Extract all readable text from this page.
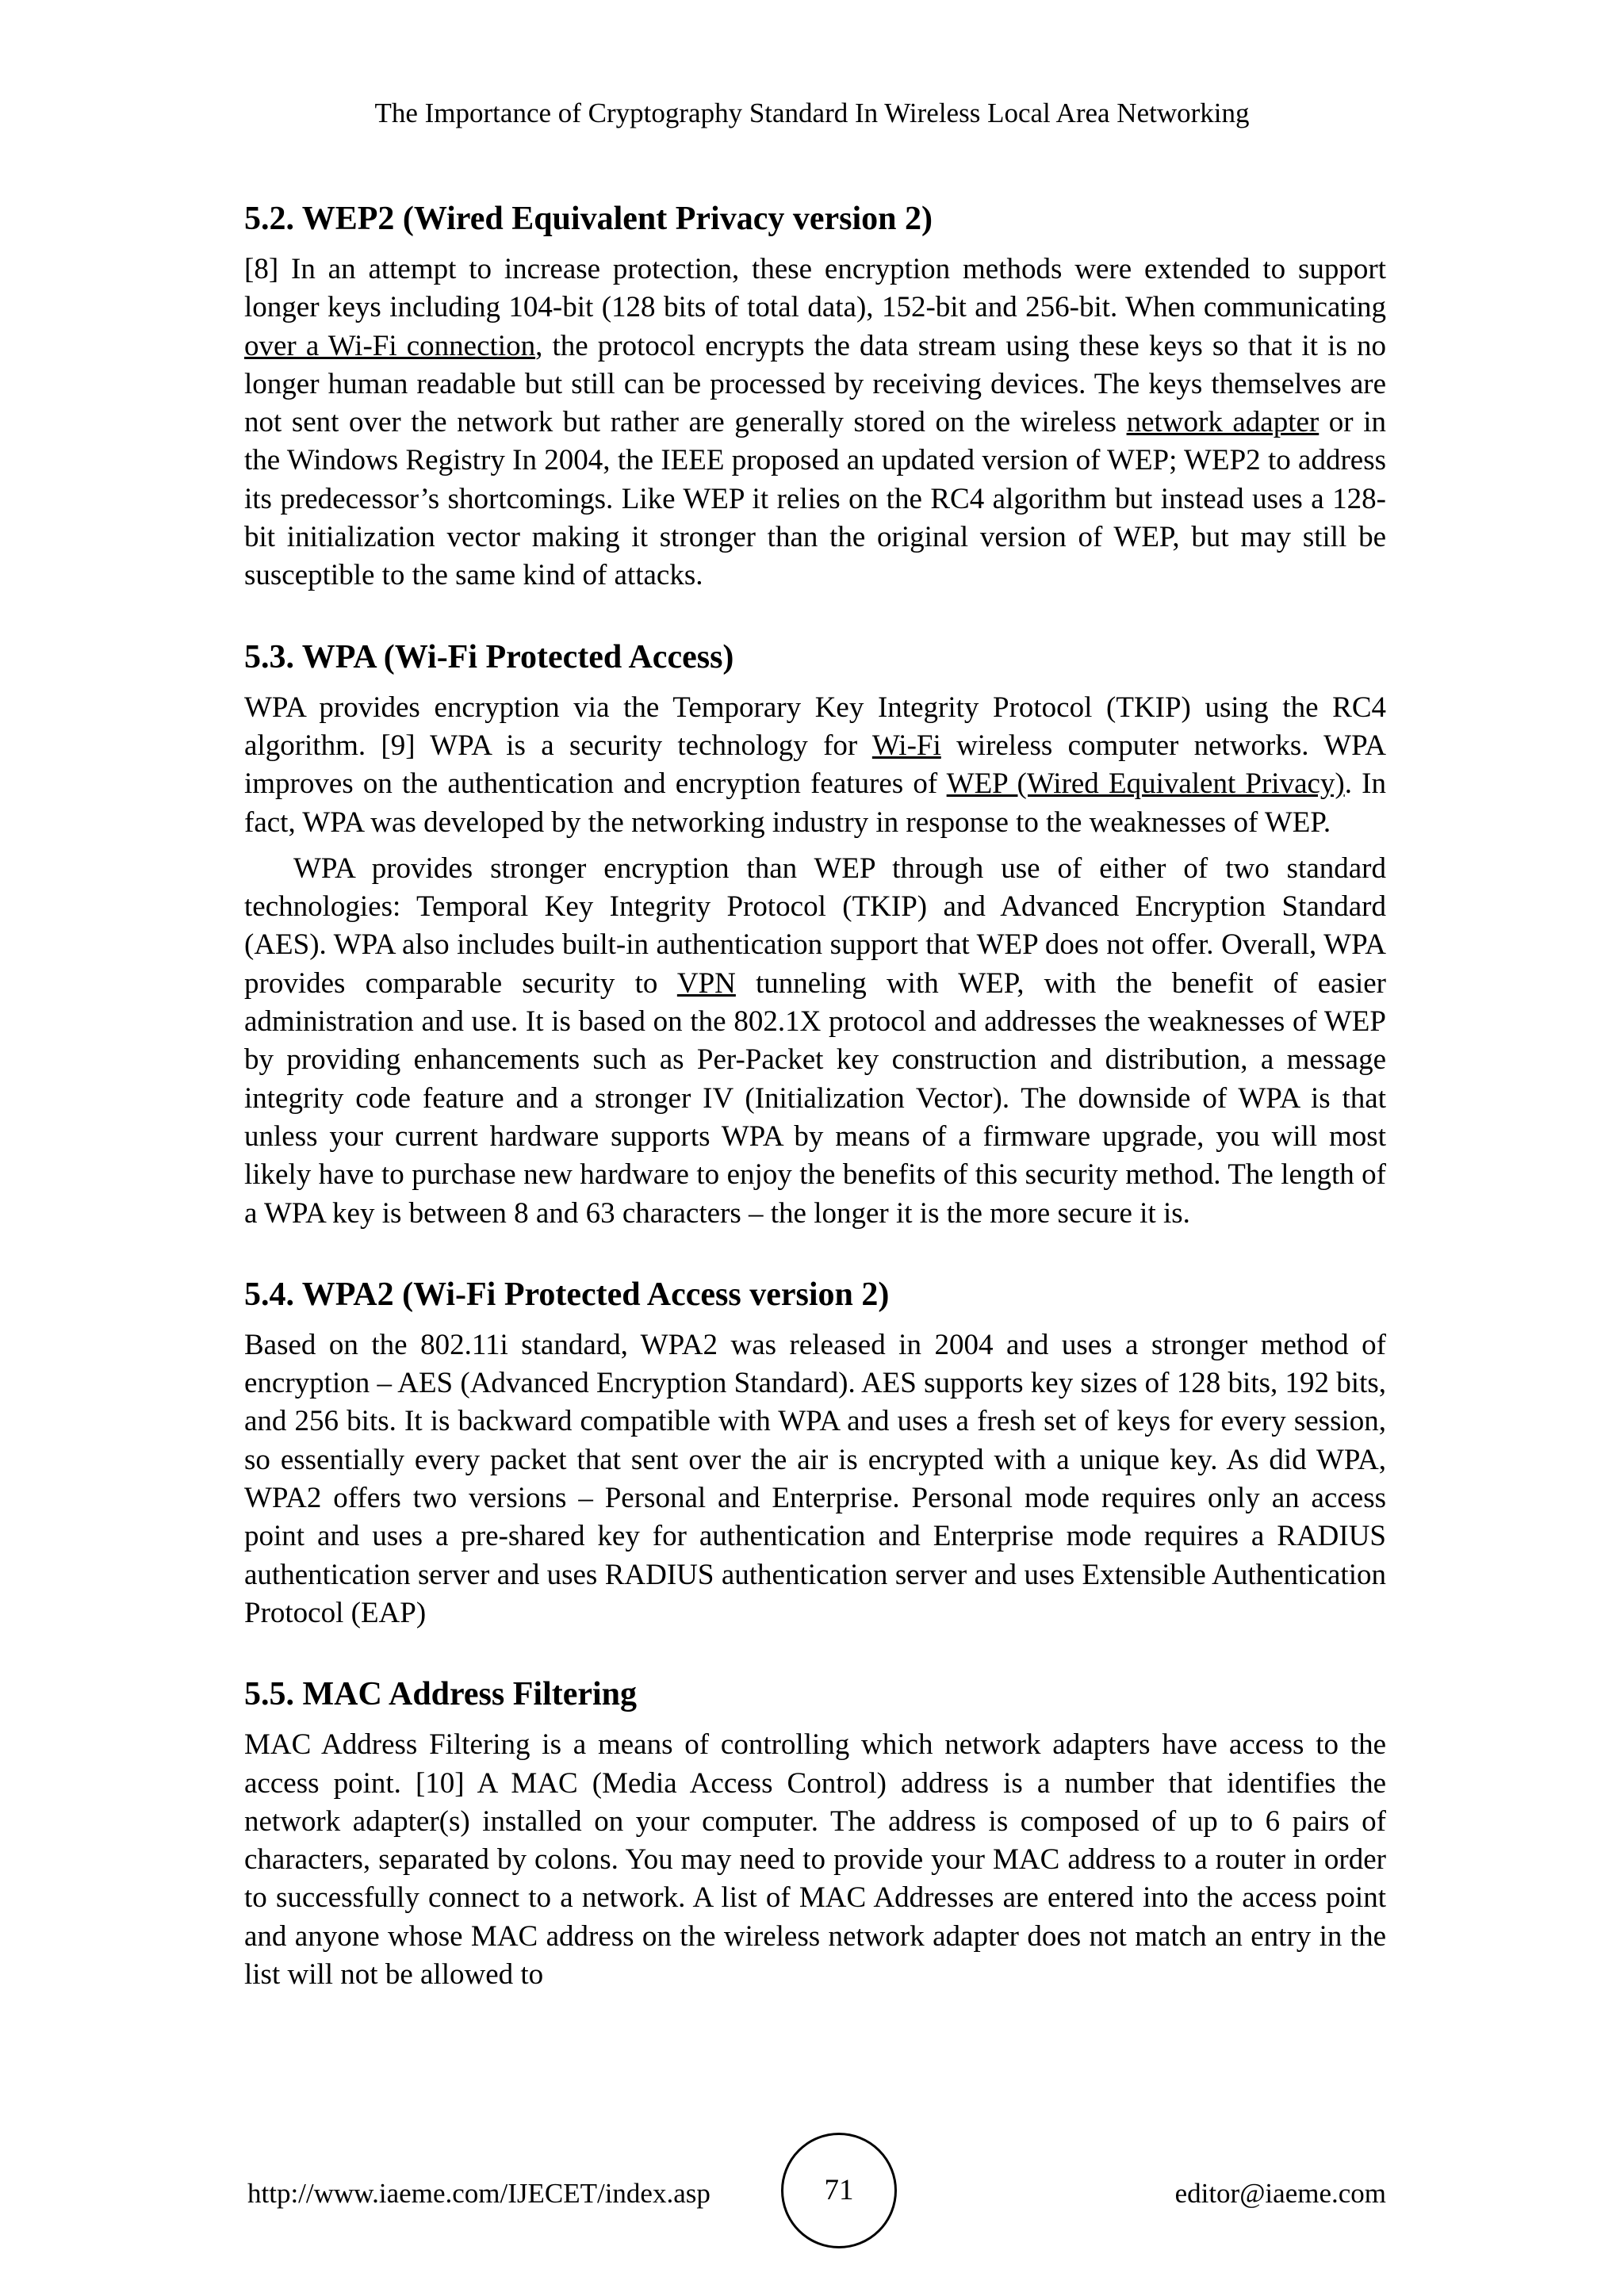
The Importance of Cryptography Standard In Wireless Local Area Networking
5.2. WEP2 (Wired Equivalent Privacy version 2)

[8] In an attempt to increase protection, these encryption methods were extended to support longer keys including 104-bit (128 bits of total data), 152-bit and 256-bit. When communicating over a Wi-Fi connection, the protocol encrypts the data stream using these keys so that it is no longer human readable but still can be processed by receiving devices. The keys themselves are not sent over the network but rather are generally stored on the wireless network adapter or in the Windows Registry In 2004, the IEEE proposed an updated version of WEP; WEP2 to address its predecessor’s shortcomings. Like WEP it relies on the RC4 algorithm but instead uses a 128-bit initialization vector making it stronger than the original version of WEP, but may still be susceptible to the same kind of attacks.

5.3. WPA (Wi-Fi Protected Access)

WPA provides encryption via the Temporary Key Integrity Protocol (TKIP) using the RC4 algorithm. [9] WPA is a security technology for Wi-Fi wireless computer networks. WPA improves on the authentication and encryption features of WEP (Wired Equivalent Privacy). In fact, WPA was developed by the networking industry in response to the weaknesses of WEP.

WPA provides stronger encryption than WEP through use of either of two standard technologies: Temporal Key Integrity Protocol (TKIP) and Advanced Encryption Standard (AES). WPA also includes built-in authentication support that WEP does not offer. Overall, WPA provides comparable security to VPN tunneling with WEP, with the benefit of easier administration and use. It is based on the 802.1X protocol and addresses the weaknesses of WEP by providing enhancements such as Per-Packet key construction and distribution, a message integrity code feature and a stronger IV (Initialization Vector). The downside of WPA is that unless your current hardware supports WPA by means of a firmware upgrade, you will most likely have to purchase new hardware to enjoy the benefits of this security method. The length of a WPA key is between 8 and 63 characters – the longer it is the more secure it is.

5.4. WPA2 (Wi-Fi Protected Access version 2)

Based on the 802.11i standard, WPA2 was released in 2004 and uses a stronger method of encryption – AES (Advanced Encryption Standard). AES supports key sizes of 128 bits, 192 bits, and 256 bits. It is backward compatible with WPA and uses a fresh set of keys for every session, so essentially every packet that sent over the air is encrypted with a unique key. As did WPA, WPA2 offers two versions – Personal and Enterprise. Personal mode requires only an access point and uses a pre-shared key for authentication and Enterprise mode requires a RADIUS authentication server and uses RADIUS authentication server and uses Extensible Authentication Protocol (EAP)

5.5. MAC Address Filtering

MAC Address Filtering is a means of controlling which network adapters have access to the access point. [10] A MAC (Media Access Control) address is a number that identifies the network adapter(s) installed on your computer. The address is composed of up to 6 pairs of characters, separated by colons. You may need to provide your MAC address to a router in order to successfully connect to a network. A list of MAC Addresses are entered into the access point and anyone whose MAC address on the wireless network adapter does not match an entry in the list will not be allowed to

http://www.iaeme.com/IJECET/index.asp	71	editor@iaeme.com
